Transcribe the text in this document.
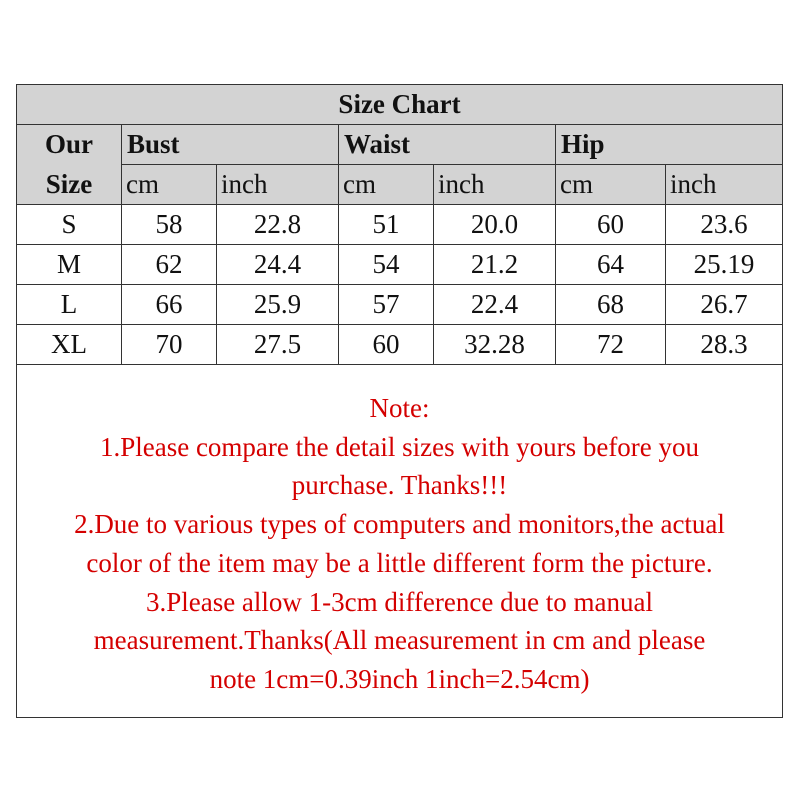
Size Chart						
Our
Size	Bust		Waist		Hip	
	cm	inch	cm	inch	cm	inch
S	58	22.8	51	20.0	60	23.6
M	62	24.4	54	21.2	64	25.19
L	66	25.9	57	22.4	68	26.7
XL	70	27.5	60	32.28	72	28.3
Note:
1.Please compare the detail sizes with yours before you
purchase. Thanks!!!
2.Due to various types of computers and monitors,the actual
color of the item may be a little different form the picture.
3.Please allow 1-3cm difference due to manual
measurement.Thanks(All measurement in cm and please
note 1cm=0.39inch 1inch=2.54cm)
